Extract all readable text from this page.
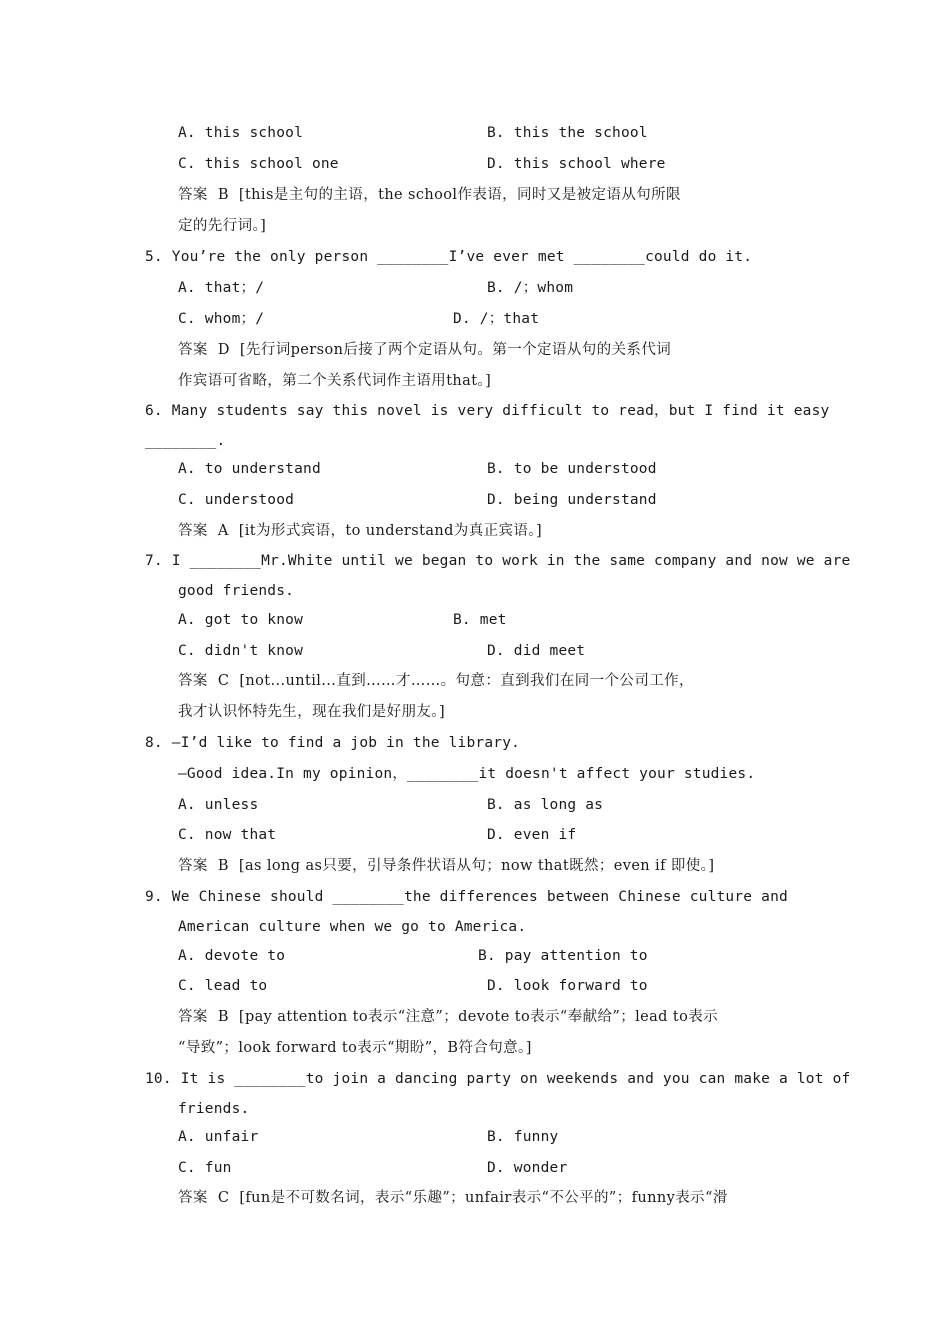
A. this school	B. this the school
C. this school one	D. this school where
答案  B  [this是主句的主语，the school作表语，同时又是被定语从句所限
定的先行词。]
5. You’re the only person ________I’ve ever met ________could do it.
A. that；/	B. /；whom
C. whom；/	D. /；that
答案  D  [先行词person后接了两个定语从句。第一个定语从句的关系代词
作宾语可省略，第二个关系代词作主语用that。]
6. Many students say this novel is very difficult to read，but I find it easy
________.
A. to understand	B. to be understood
C. understood	D. being understand
答案  A  [it为形式宾语，to understand为真正宾语。]
7. I ________Mr.White until we began to work in the same company and now we are
good friends.
A. got to know	B. met
C. didn't know	D. did meet
答案  C  [not...until...直到……才……。句意：直到我们在同一个公司工作，
我才认识怀特先生，现在我们是好朋友。]
8. —I’d like to find a job in the library.
—Good idea.In my opinion，________it doesn't affect your studies.
A. unless	B. as long as
C. now that	D. even if
答案  B  [as long as只要，引导条件状语从句；now that既然；even if 即使。]
9. We Chinese should ________the differences between Chinese culture and
American culture when we go to America.
A. devote to	B. pay attention to
C. lead to	D. look forward to
答案  B  [pay attention to表示“注意”；devote to表示“奉献给”；lead to表示
“导致”；look forward to表示“期盼”，B符合句意。]
10. It is ________to join a dancing party on weekends and you can make a lot of
friends.
A. unfair	B. funny
C. fun	D. wonder
答案  C  [fun是不可数名词，表示“乐趣”；unfair表示“不公平的”；funny表示“滑
